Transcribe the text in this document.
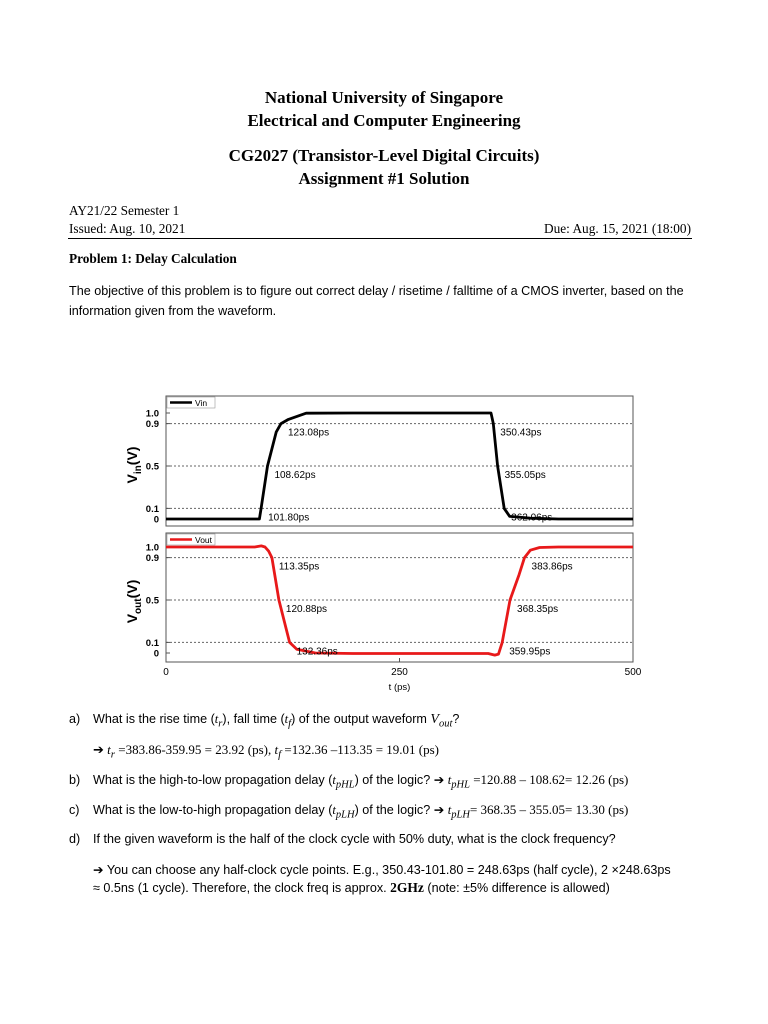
National University of Singapore
Electrical and Computer Engineering
CG2027 (Transistor-Level Digital Circuits)
Assignment #1 Solution
AY21/22 Semester 1
Issued: Aug. 10, 2021	Due: Aug. 15, 2021 (18:00)
Problem 1: Delay Calculation
The objective of this problem is to figure out correct delay / risetime / falltime of a CMOS inverter, based on the information given from the waveform.
1.0
0.9
0.5
0.1
0
$V_{in}(V)$
Vin
123.08ps
108.62ps
101.80ps
350.43ps
355.05ps
362.06ps
1.0
0.9
0.5
0.1
0
$V_{out}(V)$
0	250	500
t (ps)
Vout
113.35ps
120.88ps
132.36ps
383.86ps
368.35ps
359.95ps
a) What is the rise time $(t_r)$, fall time $(t_f)$ of the output waveform $V_{out}$?
➔ $t_r =383.86-359.95 = 23.92$ (ps), $t_f =132.36$ –113.35 = 19.01 (ps)
b) What is the high-to-low propagation delay $(t_{pHL})$ of the logic? ➔ $t_{pHL} =120.88 - 108.62= 12.26$ (ps)
c) What is the low-to-high propagation delay $(t_{pLH})$ of the logic? ➔ $t_{pLH}= 368.35 - 355.05= 13.30$ (ps)
d) If the given waveform is the half of the clock cycle with 50% duty, what is the clock frequency?
➔ You can choose any half-clock cycle points. E.g., 350.43-101.80 = 248.63ps (half cycle), 2 ×248.63ps
≈ 0.5ns (1 cycle). Therefore, the clock freq is approx. 2GHz (note: ±5% difference is allowed)
